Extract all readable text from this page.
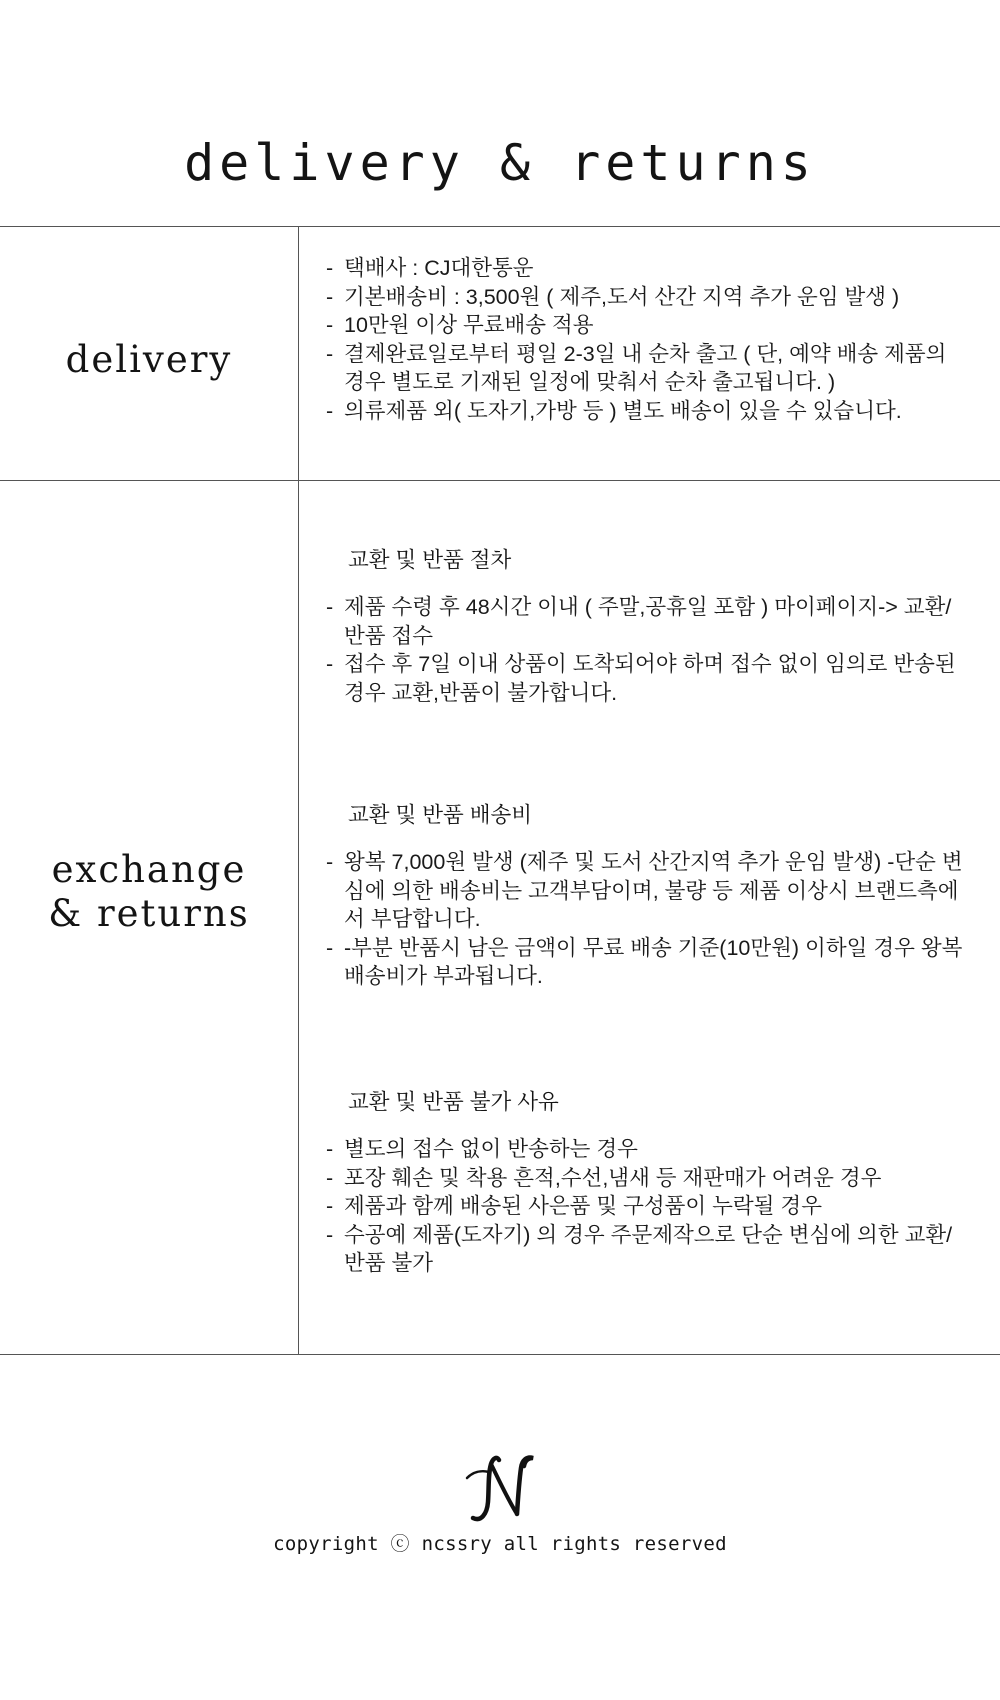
delivery & returns
delivery
- 택배사 : CJ대한통운
- 기본배송비 : 3,500원 ( 제주,도서 산간 지역 추가 운임 발생 )
- 10만원 이상 무료배송 적용
- 결제완료일로부터 평일 2-3일 내 순차 출고 ( 단, 예약 배송 제품의 경우 별도로 기재된 일정에 맞춰서 순차 출고됩니다. )
- 의류제품 외( 도자기,가방 등 ) 별도 배송이 있을 수 있습니다.
exchange
& returns
교환 및 반품 절차
- 제품 수령 후 48시간 이내 ( 주말,공휴일 포함 ) 마이페이지-> 교환/반품 접수
- 접수 후 7일 이내 상품이 도착되어야 하며 접수 없이 임의로 반송된 경우 교환,반품이 불가합니다.
교환 및 반품 배송비
- 왕복 7,000원 발생 (제주 및 도서 산간지역 추가 운임 발생) -단순 변심에 의한 배송비는 고객부담이며, 불량 등 제품 이상시 브랜드측에서 부담합니다.
- -부분 반품시 남은 금액이 무료 배송 기준(10만원) 이하일 경우 왕복 배송비가 부과됩니다.
교환 및 반품 불가 사유
- 별도의 접수 없이 반송하는 경우
- 포장 훼손 및 착용 흔적,수선,냄새 등 재판매가 어려운 경우
- 제품과 함께 배송된 사은품 및 구성품이 누락될 경우
- 수공예 제품(도자기) 의 경우 주문제작으로 단순 변심에 의한 교환/반품 불가

copyright ⓒ ncssry all rights reserved
